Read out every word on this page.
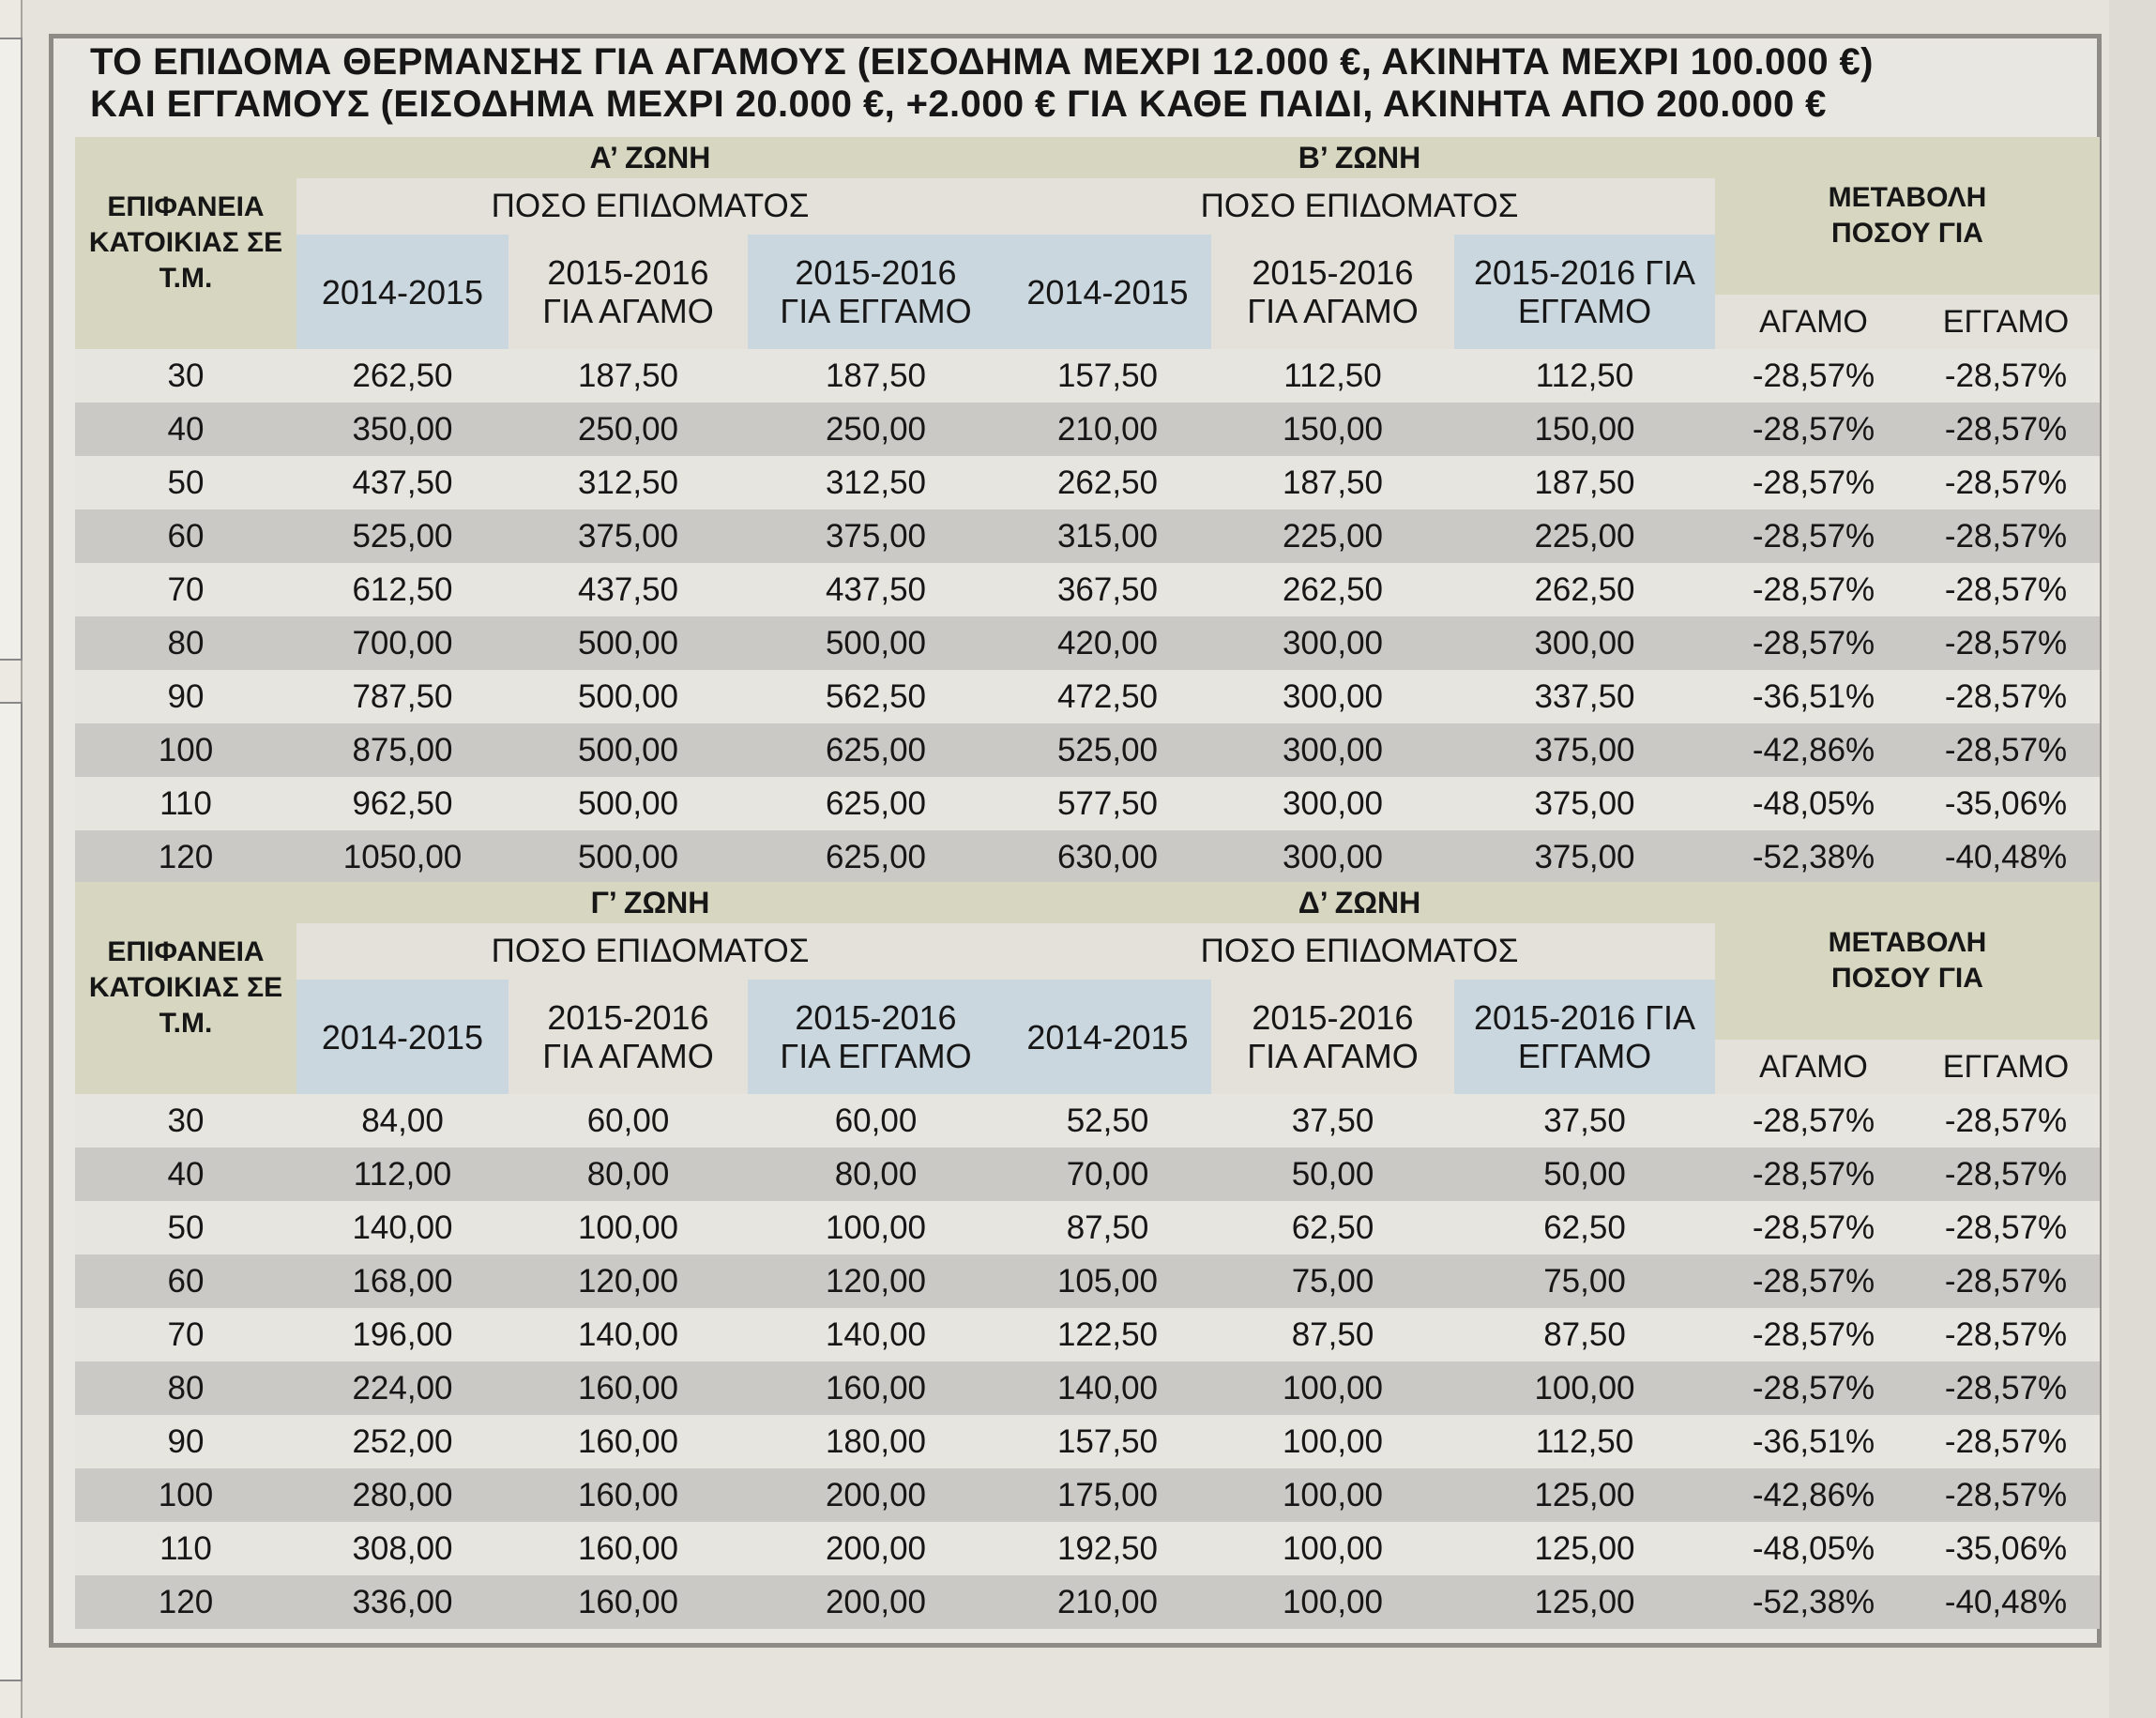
ΤΟ ΕΠΙΔΟΜΑ ΘΕΡΜΑΝΣΗΣ ΓΙΑ ΑΓΑΜΟΥΣ (ΕΙΣΟΔΗΜΑ ΜΕΧΡΙ 12.000 €, ΑΚΙΝΗΤΑ ΜΕΧΡΙ 100.000 €)
ΚΑΙ ΕΓΓΑΜΟΥΣ (ΕΙΣΟΔΗΜΑ ΜΕΧΡΙ 20.000 €, +2.000 € ΓΙΑ ΚΑΘΕ ΠΑΙΔΙ, ΑΚΙΝΗΤΑ ΑΠΟ 200.000 €
ΕΠΙΦΑΝΕΙΑ ΚΑΤΟΙΚΙΑΣ ΣΕ Τ.Μ.
Α’ ΖΩΝΗ
ΠΟΣΟ ΕΠΙΔΟΜΑΤΟΣ
2014-2015	2015-2016 ΓΙΑ ΑΓΑΜΟ
2015-2016 ΓΙΑ ΕΓΓΑΜΟ
Β’ ΖΩΝΗ
ΠΟΣΟ ΕΠΙΔΟΜΑΤΟΣ
2014-2015	2015-2016 ΓΙΑ ΑΓΑΜΟ
2015-2016 ΓΙΑ ΕΓΓΑΜΟ
ΜΕΤΑΒΟΛΗ ΠΟΣΟΥ ΓΙΑ
ΑΓΑΜΟ	ΕΓΓΑΜΟ
30	262,50	187,50	187,50	157,50	112,50	112,50	-28,57%	-28,57%
40	350,00	250,00	250,00	210,00	150,00	150,00	-28,57%	-28,57%
50	437,50	312,50	312,50	262,50	187,50	187,50	-28,57%	-28,57%
60	525,00	375,00	375,00	315,00	225,00	225,00	-28,57%	-28,57%
70	612,50	437,50	437,50	367,50	262,50	262,50	-28,57%	-28,57%
80	700,00	500,00	500,00	420,00	300,00	300,00	-28,57%	-28,57%
90	787,50	500,00	562,50	472,50	300,00	337,50	-36,51%	-28,57%
100	875,00	500,00	625,00	525,00	300,00	375,00	-42,86%	-28,57%
110	962,50	500,00	625,00	577,50	300,00	375,00	-48,05%	-35,06%
120	1050,00	500,00	625,00	630,00	300,00	375,00	-52,38%	-40,48%
ΕΠΙΦΑΝΕΙΑ ΚΑΤΟΙΚΙΑΣ ΣΕ Τ.Μ.
Γ’ ΖΩΝΗ
ΠΟΣΟ ΕΠΙΔΟΜΑΤΟΣ
2014-2015	2015-2016 ΓΙΑ ΑΓΑΜΟ
2015-2016 ΓΙΑ ΕΓΓΑΜΟ
Δ’ ΖΩΝΗ
ΠΟΣΟ ΕΠΙΔΟΜΑΤΟΣ
2014-2015	2015-2016 ΓΙΑ ΑΓΑΜΟ
2015-2016 ΓΙΑ ΕΓΓΑΜΟ
ΜΕΤΑΒΟΛΗ ΠΟΣΟΥ ΓΙΑ
ΑΓΑΜΟ	ΕΓΓΑΜΟ
30	84,00	60,00	60,00	52,50	37,50	37,50	-28,57%	-28,57%
40	112,00	80,00	80,00	70,00	50,00	50,00	-28,57%	-28,57%
50	140,00	100,00	100,00	87,50	62,50	62,50	-28,57%	-28,57%
60	168,00	120,00	120,00	105,00	75,00	75,00	-28,57%	-28,57%
70	196,00	140,00	140,00	122,50	87,50	87,50	-28,57%	-28,57%
80	224,00	160,00	160,00	140,00	100,00	100,00	-28,57%	-28,57%
90	252,00	160,00	180,00	157,50	100,00	112,50	-36,51%	-28,57%
100	280,00	160,00	200,00	175,00	100,00	125,00	-42,86%	-28,57%
110	308,00	160,00	200,00	192,50	100,00	125,00	-48,05%	-35,06%
120	336,00	160,00	200,00	210,00	100,00	125,00	-52,38%	-40,48%
